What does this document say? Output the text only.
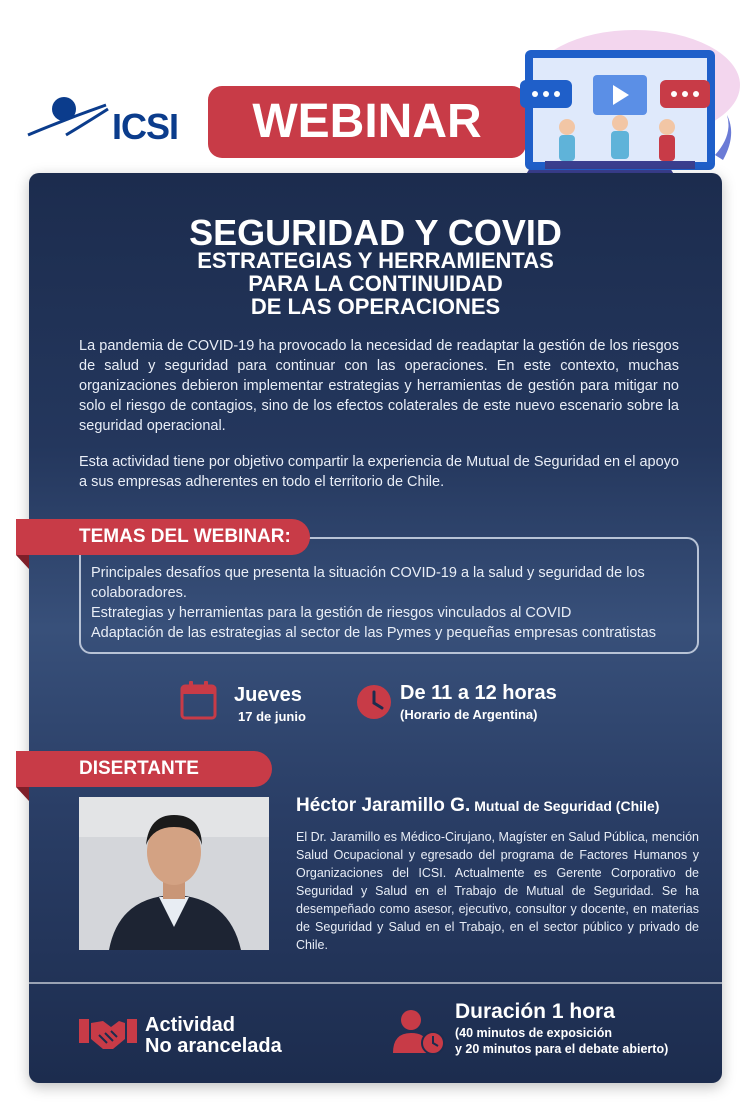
ICSI	WEBINAR
SEGURIDAD Y COVID
ESTRATEGIAS Y HERRAMIENTAS
PARA LA CONTINUIDAD
DE LAS OPERACIONES
La pandemia de COVID-19 ha provocado la necesidad de readaptar la gestión de los riesgos de salud y seguridad para continuar con las operaciones. En este contexto, muchas organizaciones debieron implementar estrategias y herramientas de gestión para mitigar no solo el riesgo de contagios, sino de los efectos colaterales de este nuevo escenario sobre la seguridad operacional.
Esta actividad tiene por objetivo compartir la experiencia de Mutual de Seguridad en el apoyo a sus empresas adherentes en todo el territorio de Chile.
Principales desafíos que presenta la situación COVID-19 a la salud y seguridad de los colaboradores.
Estrategias y herramientas para la gestión de riesgos vinculados al COVID
Adaptación de las estrategias al sector de las Pymes y pequeñas empresas contratistas
TEMAS DEL WEBINAR:
Jueves
17 de junio
De 11 a 12 horas
(Horario de Argentina)
DISERTANTE
Héctor Jaramillo G. Mutual de Seguridad (Chile)
El Dr. Jaramillo es Médico-Cirujano, Magíster en Salud Pública, mención Salud Ocupacional y egresado del programa de Factores Humanos y Organizaciones del ICSI. Actualmente es Gerente Corporativo de Seguridad y Salud en el Trabajo de Mutual de Seguridad. Se ha desempeñado como asesor, ejecutivo, consultor y docente, en materias de Seguridad y Salud en el Trabajo, en el sector público y privado de Chile.
Actividad
No arancelada
Duración 1 hora
(40 minutos de exposición
y 20 minutos para el debate abierto)
